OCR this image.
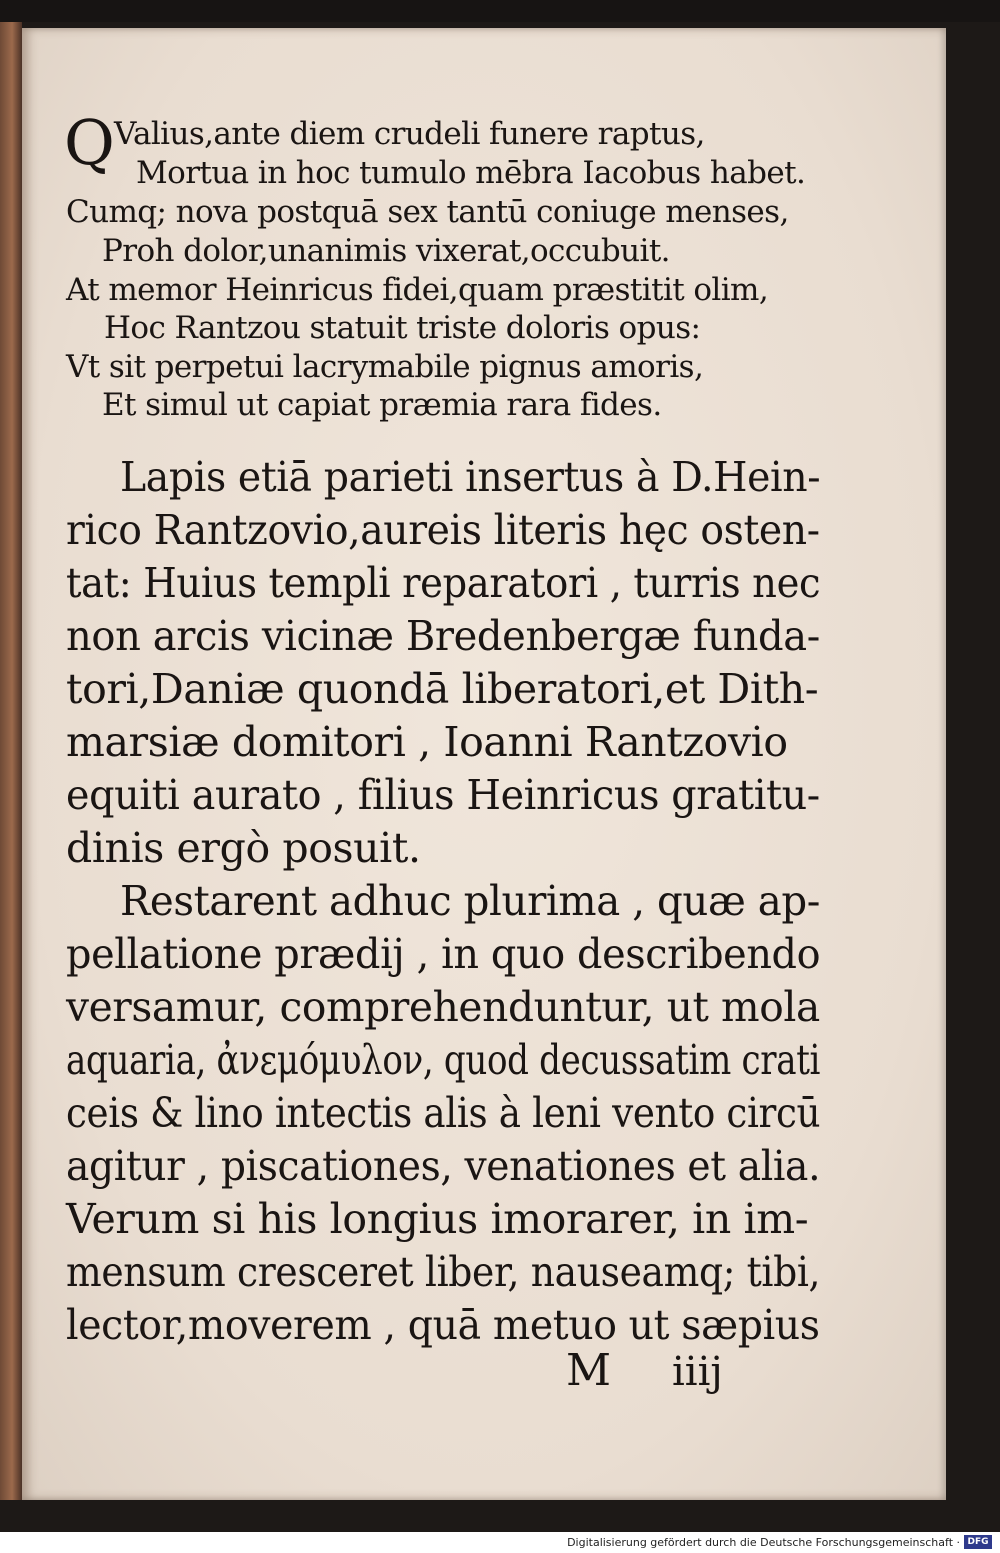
Q Valius,ante diem crudeli funere raptus,
Mortua in hoc tumulo mēbra Iacobus habet.
Cumq; nova postquā sex tantū coniuge menses,
Proh dolor,unanimis vixerat,occubuit.
At memor Heinricus fidei,quam præstitit olim,
Hoc Rantzou statuit triste doloris opus:
Vt sit perpetui lacrymabile pignus amoris,
Et simul ut capiat præmia rara fides.
Lapis etiā parieti insertus à D.Hein-
rico Rantzovio,aureis literis hęc osten-
tat: Huius templi reparatori , turris nec
non arcis vicinæ Bredenbergæ funda-
tori,Daniæ quondā liberatori,et Dith-
marsiæ domitori , Ioanni Rantzovio
equiti aurato , filius Heinricus gratitu-
dinis ergò posuit.
Restarent adhuc plurima , quæ ap-
pellatione prædij , in quo describendo
versamur, comprehenduntur, ut mola
aquaria, ἀνεμόμυλον, quod decussatim crati
ceis & lino intectis alis à leni vento circū
agitur , piscationes, venationes et alia.
Verum si his longius imorarer, in im-
mensum cresceret liber, nauseamq; tibi,
lector,moverem , quā metuo ut sæpius
M iiij
Digitalisierung gefördert durch die Deutsche Forschungsgemeinschaft · DFG
